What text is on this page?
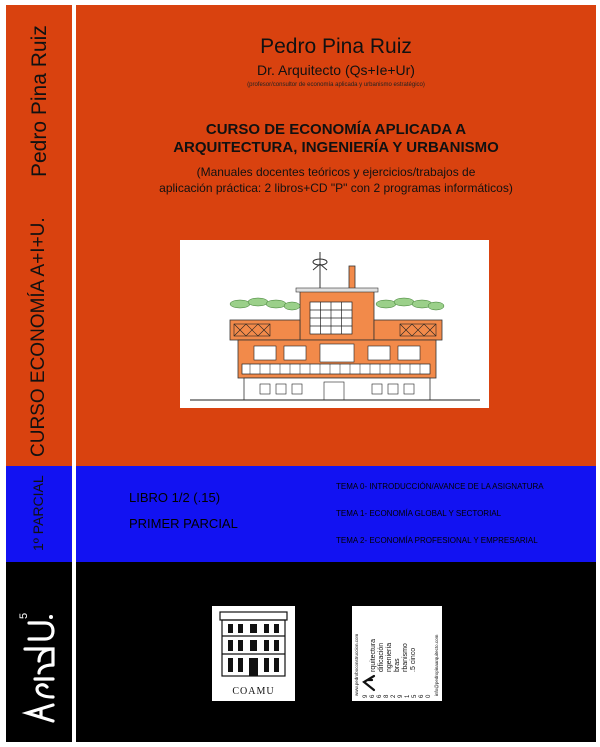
Pedro Pina Ruiz
CURSO ECONOMÍA A+I+U.
1º PARCIAL
5
Pedro Pina Ruiz
Dr. Arquitecto (Qs+Ie+Ur)
(profesor/consultor de economía aplicada y urbanismo estratégico)
CURSO DE ECONOMÍA APLICADA A
ARQUITECTURA, INGENIERÍA Y URBANISMO
(Manuales docentes teóricos y ejercicios/trabajos de
aplicación práctica: 2 libros+CD "P" con 2 programas informáticos)
LIBRO 1/2 (.15)
PRIMER PARCIAL
TEMA 0- INTRODUCCIÓN/AVANCE DE LA ASIGNATURA
TEMA 1- ECONOMÍA GLOBAL Y SECTORIAL
TEMA 2- ECONOMÍA PROFESIONAL Y EMPRESARIAL
COAMU	www.pedroboconstruccion.com	info@pedropinaarquitecto.com
rquitectura dificación ngeniería bras rbanismo .5 cinco
9 6 6 8 2 9 1 5 6 0
